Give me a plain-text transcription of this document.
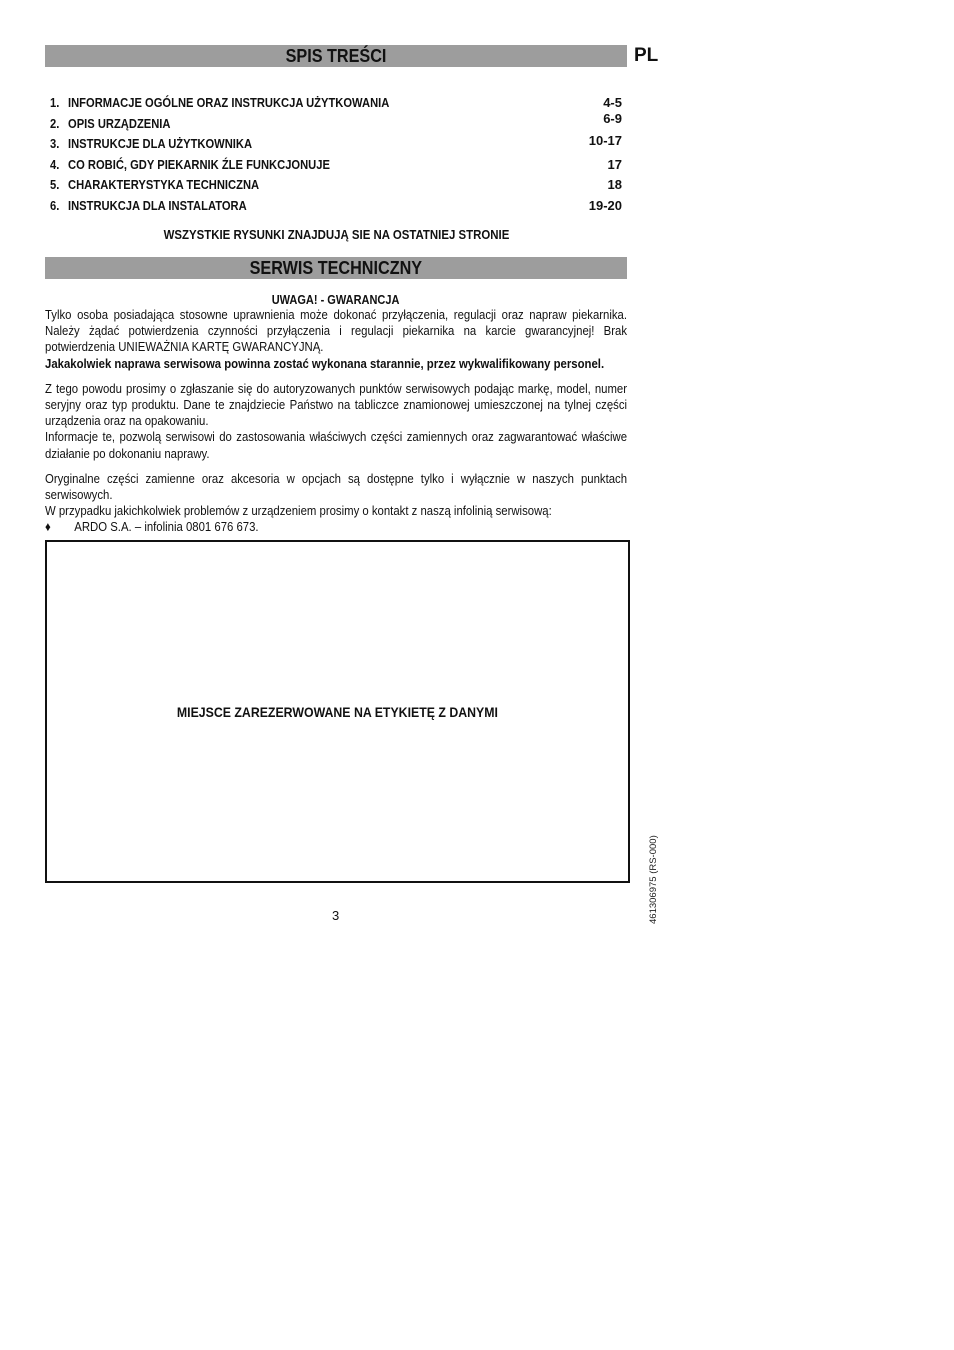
SPIS TREŚCI	PL
1. INFORMACJE OGÓLNE ORAZ INSTRUKCJA UŻYTKOWANIA	4-5
2. OPIS URZĄDZENIA	6-9
3. INSTRUKCJE DLA UŻYTKOWNIKA	10-17
4. CO ROBIĆ, GDY PIEKARNIK ŹLE FUNKCJONUJE	17
5. CHARAKTERYSTYKA TECHNICZNA	18
6. INSTRUKCJA DLA INSTALATORA	19-20
WSZYSTKIE RYSUNKI ZNAJDUJĄ SIE NA OSTATNIEJ STRONIE
SERWIS TECHNICZNY
UWAGA! - GWARANCJA

Tylko osoba posiadająca stosowne uprawnienia może dokonać przyłączenia, regulacji oraz napraw piekarnika. Należy żądać potwierdzenia czynności przyłączenia i regulacji piekarnika na karcie gwarancyjnej! Brak potwierdzenia UNIEWAŻNIA KARTĘ GWARANCYJNĄ.

Jakakolwiek naprawa serwisowa powinna zostać wykonana starannie, przez wykwalifikowany personel.

Z tego powodu prosimy o zgłaszanie się do autoryzowanych punktów serwisowych podając markę, model, numer seryjny oraz typ produktu. Dane te znajdziecie Państwo na tabliczce znamionowej umieszczonej na tylnej części urządzenia oraz na opakowaniu.

Informacje te, pozwolą serwisowi do zastosowania właściwych części zamiennych oraz zagwarantować właściwe działanie po dokonaniu naprawy.

Oryginalne części zamienne oraz akcesoria w opcjach są dostępne tylko i wyłącznie w naszych punktach serwisowych.

W przypadku jakichkolwiek problemów z urządzeniem prosimy o kontakt z naszą infolinią serwisową:

♦	ARDO S.A. – infolinia 0801 676 673.
MIEJSCE ZAREZERWOWANE NA ETYKIETĘ Z DANYMI
3	461306975 (RS-000)
